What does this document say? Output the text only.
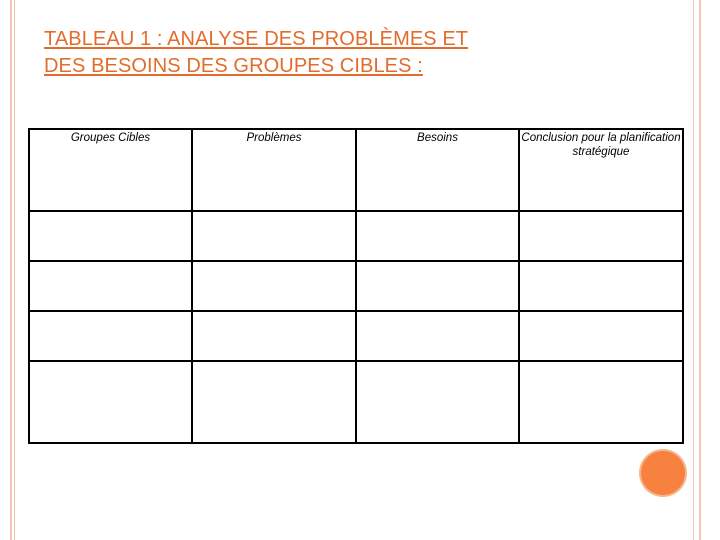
TABLEAU 1 : ANALYSE DES PROBLÈMES ET
DES BESOINS DES GROUPES CIBLES :
Groupes Cibles	Problèmes	Besoins	Conclusion pour la planification stratégique
